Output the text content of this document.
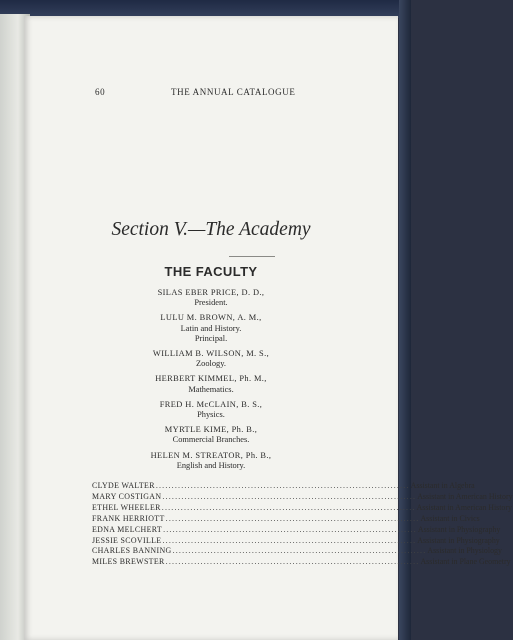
60	THE ANNUAL CATALOGUE
Section V.—The Academy
THE FACULTY
SILAS EBER PRICE, D. D.,
President.
LULU M. BROWN, A. M.,
Latin and History.
Principal.
WILLIAM B. WILSON, M. S.,
Zoology.
HERBERT KIMMEL, Ph. M.,
Mathematics.
FRED H. McCLAIN, B. S.,
Physics.
MYRTLE KIME, Ph. B.,
Commercial Branches.
HELEN M. STREATOR, Ph. B.,
English and History.
CLYDE WALTER ................................................................................ Assistant in Algebra
MARY COSTIGAN ................................................................................ Assistant in American History
ETHEL WHEELER ................................................................................ Assistant in American History
FRANK HERRIOTT ................................................................................ Assistant in Civics
EDNA MELCHERT ................................................................................ Assistant in Physiography
JESSIE SCOVILLE ................................................................................ Assistant in Physiography
CHARLES BANNING ................................................................................ Assistant in Physiology
MILES BREWSTER ................................................................................ Assistant in Plane Geometry
